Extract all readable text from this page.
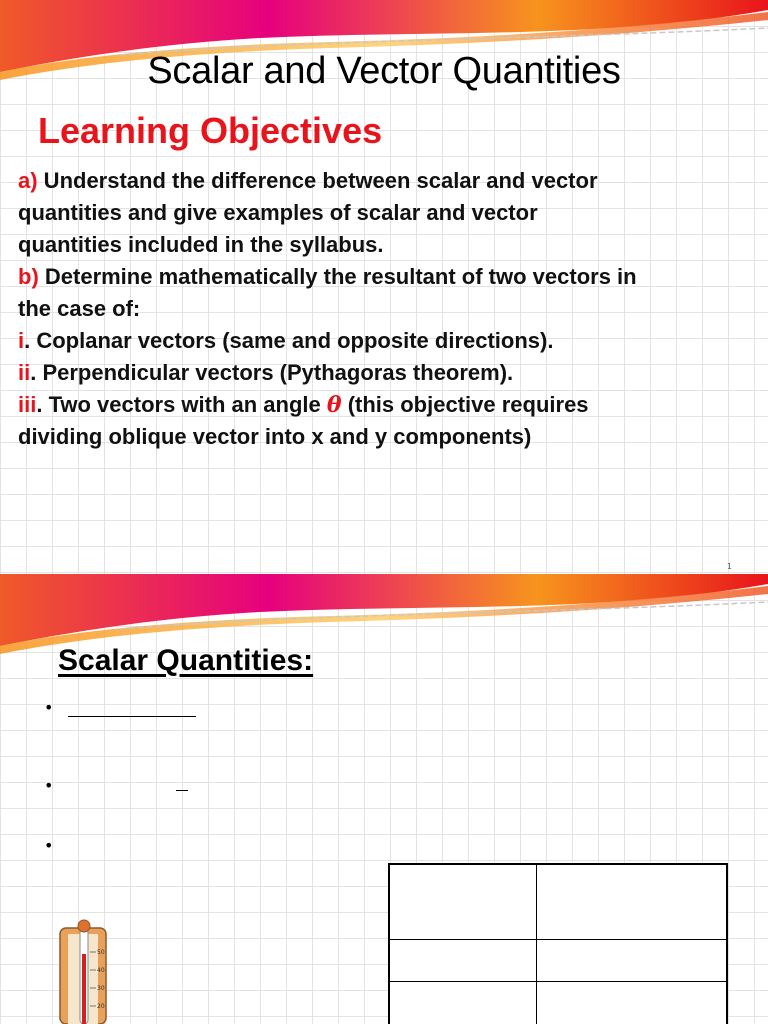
Scalar and Vector Quantities
Learning Objectives
a) Understand the difference between scalar and vector
quantities and give examples of scalar and vector
quantities included in the syllabus.
b) Determine mathematically the resultant of two vectors in
the case of:
i. Coplanar vectors (same and opposite directions).
ii. Perpendicular vectors (Pythagoras theorem).
iii. Two vectors with an angle θ (this objective requires
dividing oblique vector into x and y components)
1
Scalar Quantities:
•
•
•
50
40
30
20
